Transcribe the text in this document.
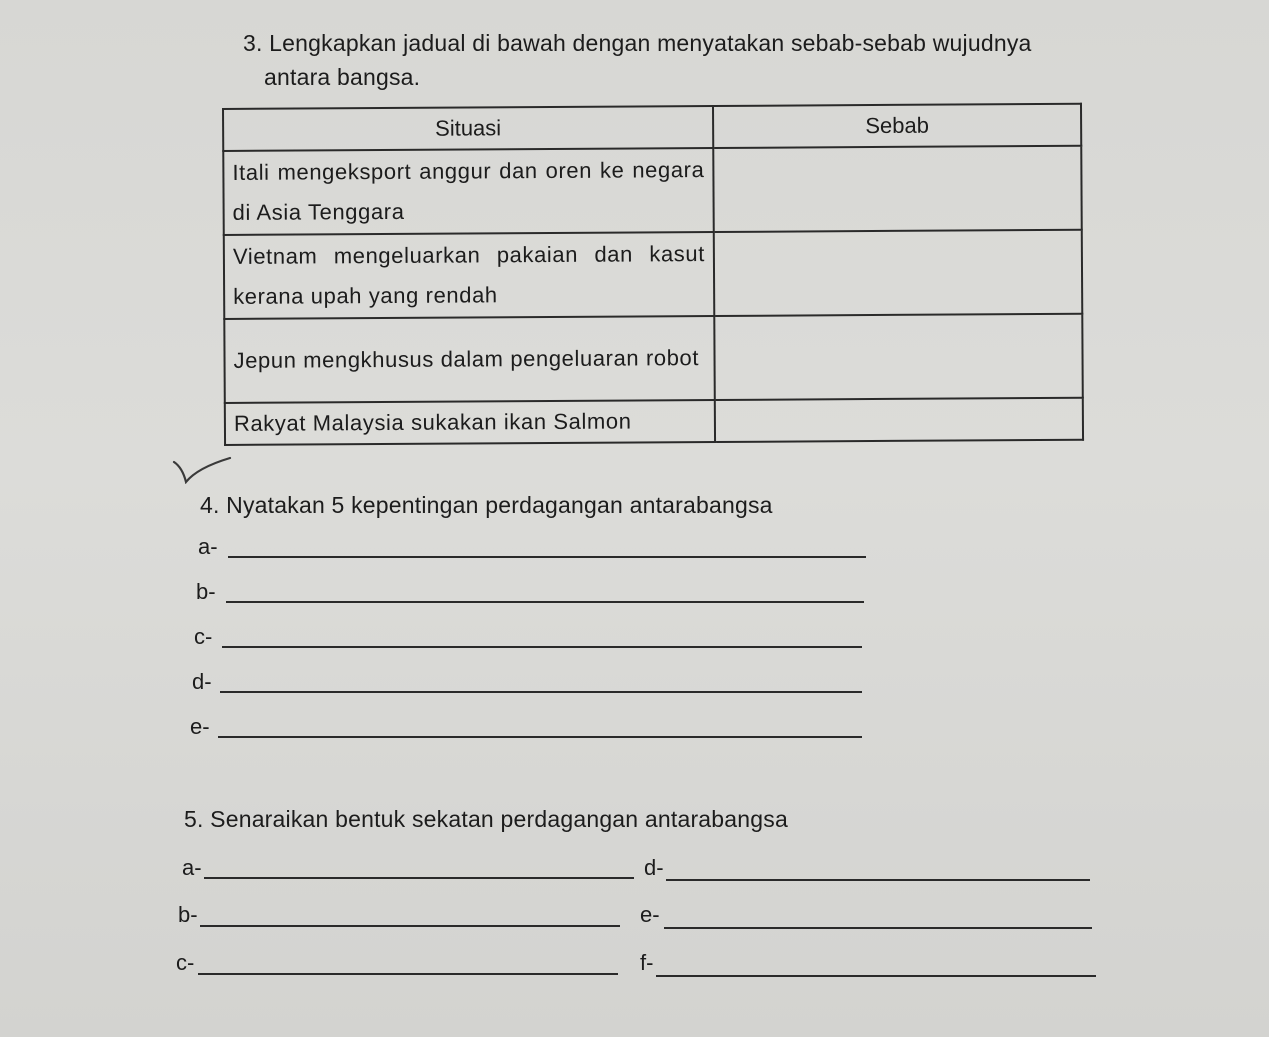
3. Lengkapkan jadual di bawah dengan menyatakan sebab-sebab wujudnya
antara bangsa.
Situasi	Sebab
Itali mengeksport anggur dan oren ke negara di Asia Tenggara	
Vietnam mengeluarkan pakaian dan kasut kerana upah yang rendah	
Jepun mengkhusus dalam pengeluaran robot	
Rakyat Malaysia sukakan ikan Salmon	
4. Nyatakan 5 kepentingan perdagangan antarabangsa
a-
b-
c-
d-
e-
5. Senaraikan bentuk sekatan perdagangan antarabangsa
a-	d-
b-	e-
c-	f-
